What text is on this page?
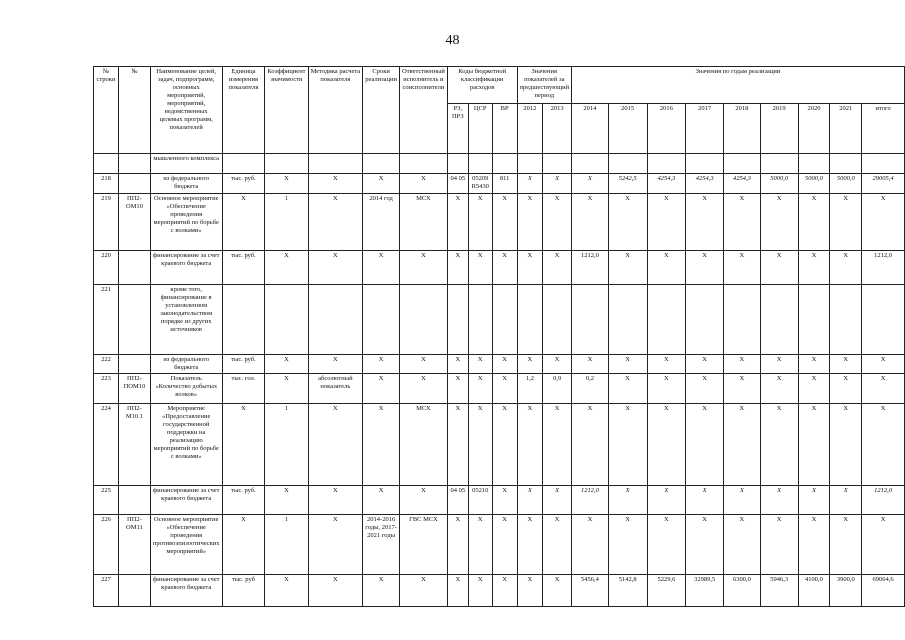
48
№ строки	№	Наименование целей, задач, подпрограмм, основных мероприятий, мероприятий, ведомственных целевых программ, показателей	Единица измерения показателя	Коэффициент значимости	Методика расчета показателя	Сроки реализации	Ответственный исполнитель и соисполнители	Коды бюджетной классификации расходов			Значения показателей за предшествующий период		Значения по годам реализации								
								РЗ, ПРЗ	ЦСР	ВР	2012	2013	2014	2015	2016	2017	2018	2019	2020	2021	итого
		мышленного комплекса																			
218		из федерального бюджета	тыс. руб.	X	X	X	X	04 05	05209 R5430	811	X	X	X	5242,5	4254,3	4254,3	4254,3	5000,0	5000,0	5000,0	29005,4
219	ПП2-ОМ10	Основное мероприятие «Обеспечение проведения мероприятий по борьбе с волками»	X	1	X	2014 год	МСХ	X	X	X	X	X	X	X	X	X	X	X	X	X	X
220		финансирование за счет краевого бюджета	тыс. руб.	X	X	X	X	X	X	X	X	X	1212,0	X	X	X	X	X	X	X	1212,0
221		кроме того, финансирование в установленном законодательством порядке из других источников																			
222		из федерального бюджета	тыс. руб.	X	X	X	X	X	X	X	X	X	X	X	X	X	X	X	X	X	X
223	ПП2-ПОМ10	Показатель «Количество добытых волков»	тыс. гол.	X	абсолютный показатель	X	X	X	X	X	1,2	0,9	0,2	X	X	X	X	X	X	X	X
224	ПП2-М10.1	Мероприятие «Предоставление государственной поддержки на реализацию мероприятий по борьбе с волками»	X	1	X	X	МСХ	X	X	X	X	X	X	X	X	X	X	X	X	X	X
225		финансирование за счет краевого бюджета	тыс. руб.	X	X	X	X	04 05	05210	X	X	X	1212,0	X	X	X	X	X	X	X	1212,0
226	ПП2-ОМ11	Основное мероприятие «Обеспечение проведения противоэпизоотических мероприятий»	X	1	X	2014-2016 годы, 2017-2021 годы	ГВС МСХ	X	X	X	X	X	X	X	X	X	X	X	X	X	X
227		финансирование за счет краевого бюджета	тыс. руб	X	X	X	X	X	X	X	X	X	5456,4	5142,8	5229,6	32989,5	6300,0	5946,3	4100,0	3900,0	69064,6
